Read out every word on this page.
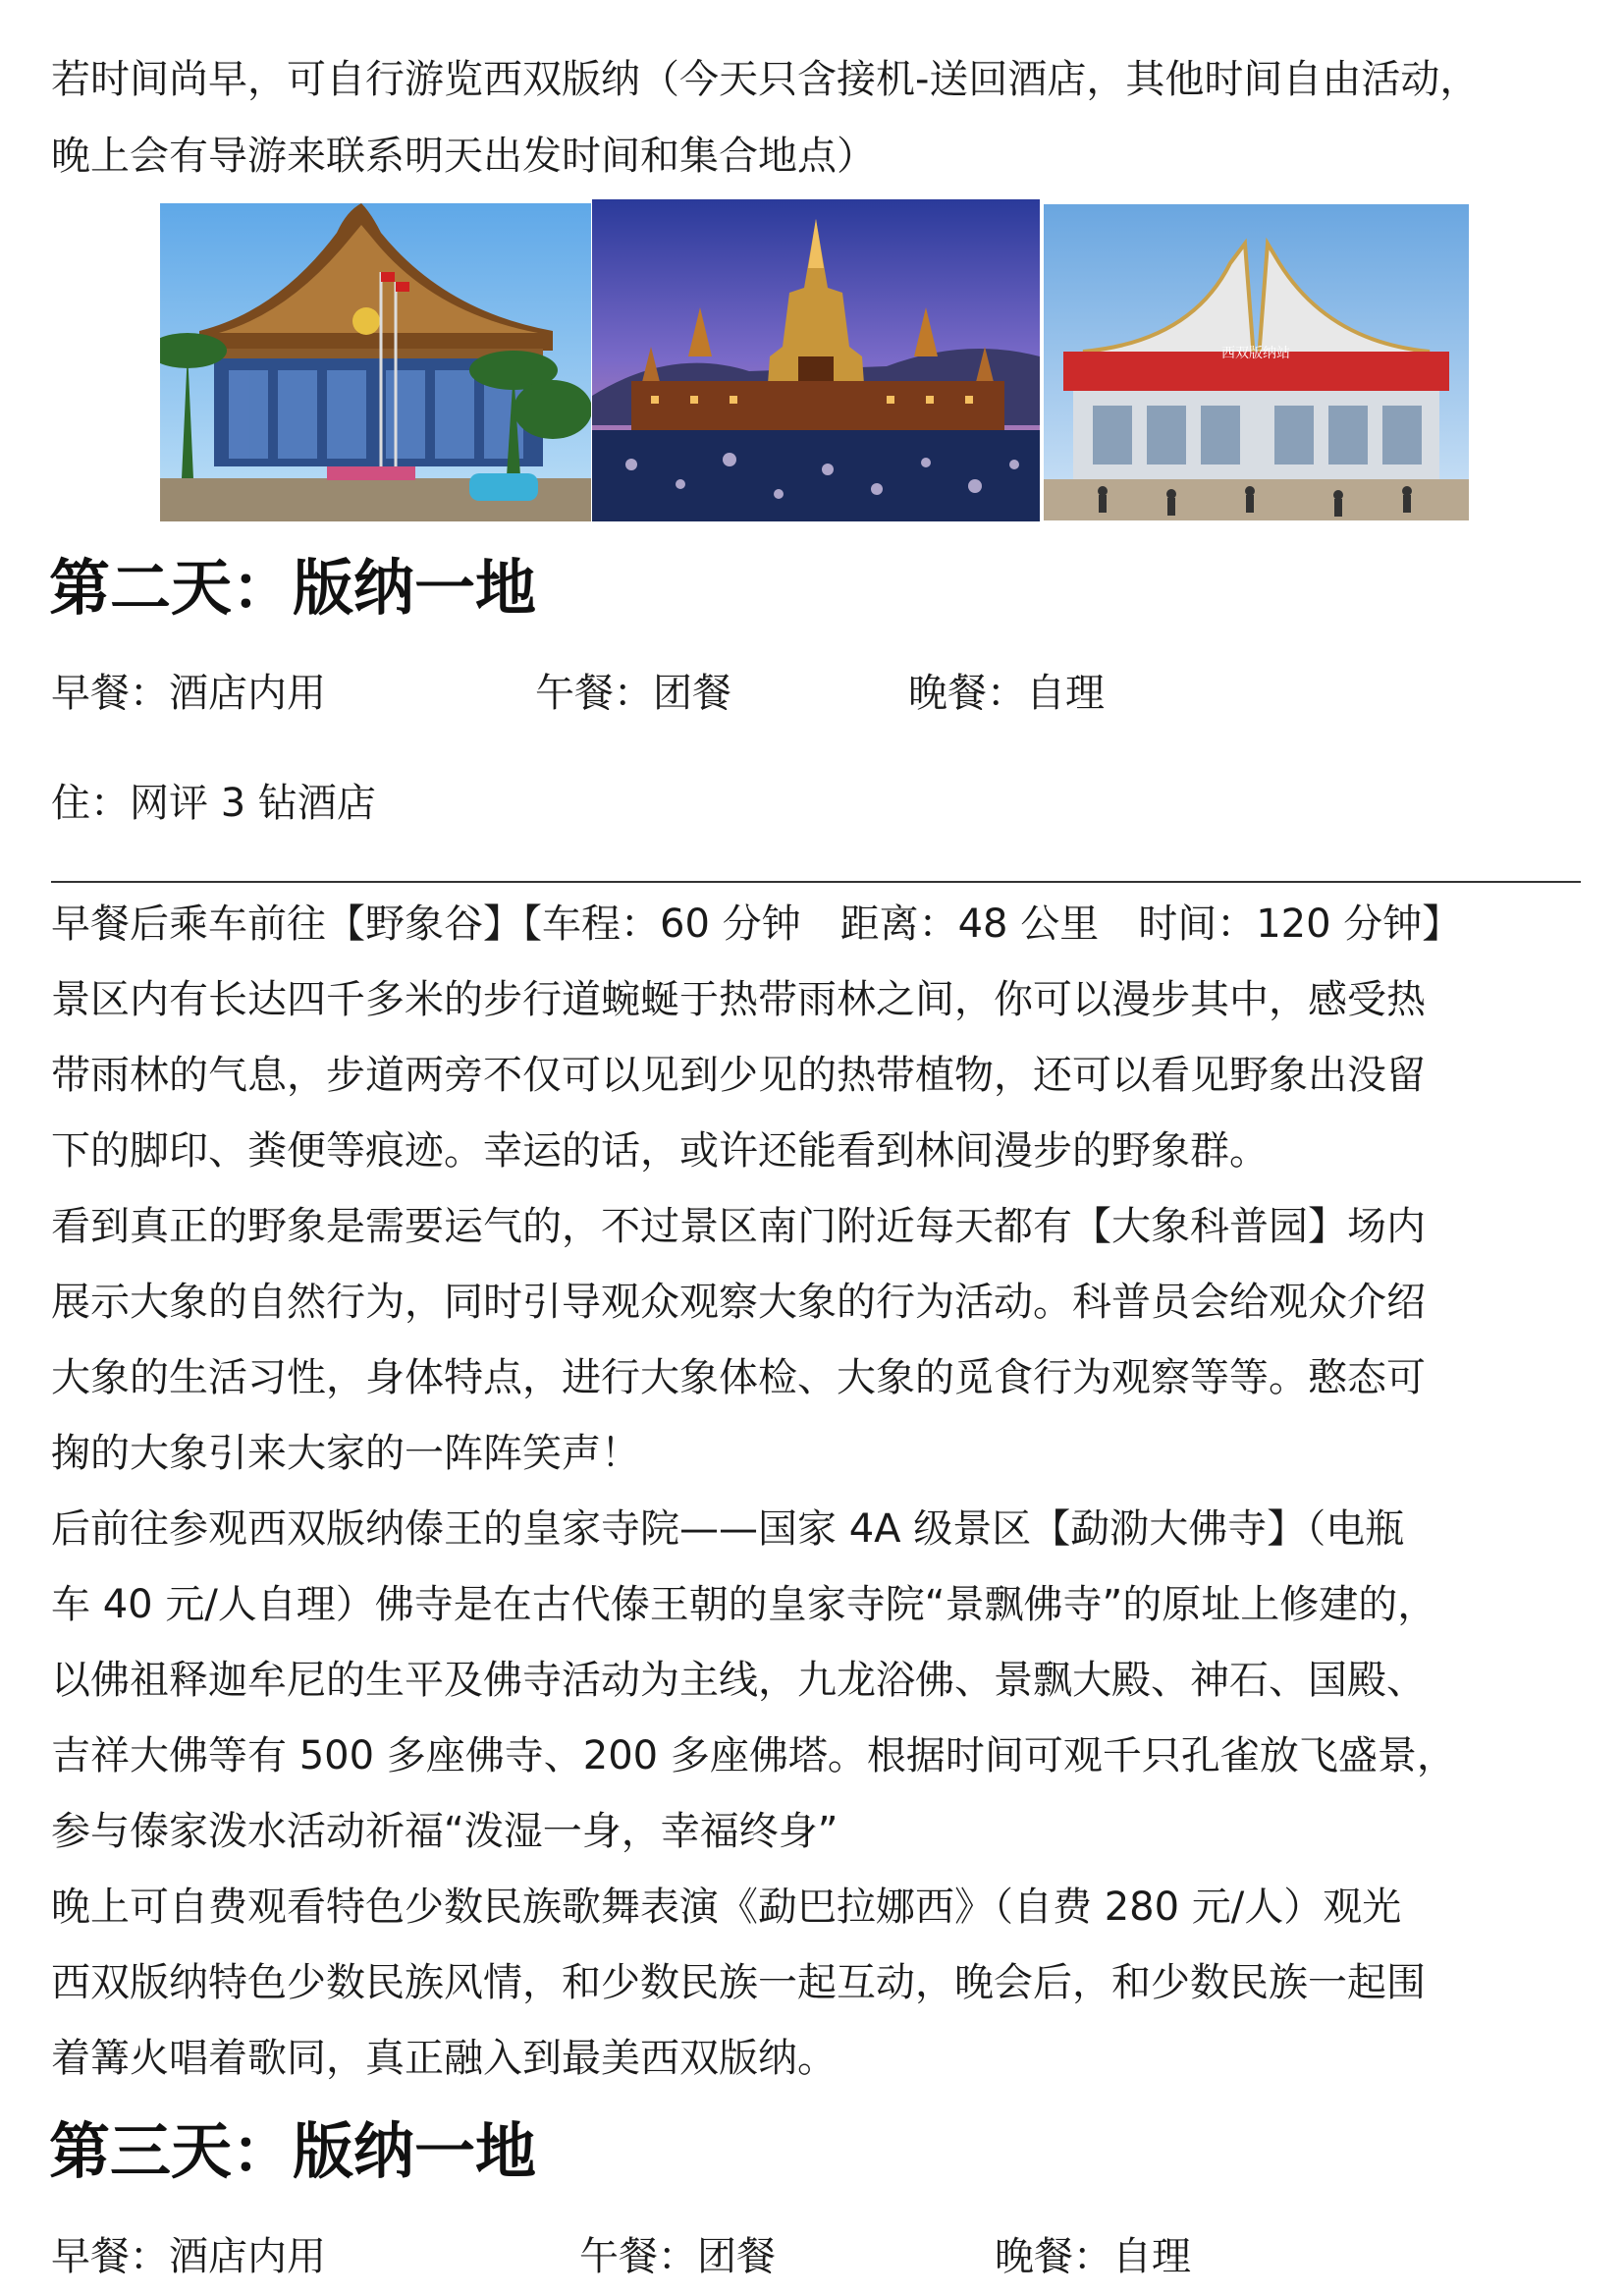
若时间尚早，可自行游览西双版纳（今天只含接机-送回酒店，其他时间自由活动，
晚上会有导游来联系明天出发时间和集合地点）
西双版纳站
第二天：版纳一地
早餐：酒店内用	午餐：团餐	晚餐：自理
住：网评 3 钻酒店
早餐后乘车前往【野象谷】【车程：60 分钟　距离：48 公里　时间：120 分钟】
景区内有长达四千多米的步行道蜿蜒于热带雨林之间，你可以漫步其中，感受热
带雨林的气息，步道两旁不仅可以见到少见的热带植物，还可以看见野象出没留
下的脚印、粪便等痕迹。幸运的话，或许还能看到林间漫步的野象群。
看到真正的野象是需要运气的，不过景区南门附近每天都有【大象科普园】场内
展示大象的自然行为，同时引导观众观察大象的行为活动。科普员会给观众介绍
大象的生活习性，身体特点，进行大象体检、大象的觅食行为观察等等。憨态可
掬的大象引来大家的一阵阵笑声！
后前往参观西双版纳傣王的皇家寺院——国家 4A 级景区【勐泐大佛寺】（电瓶
车 40 元/人自理）佛寺是在古代傣王朝的皇家寺院“景飘佛寺”的原址上修建的，
以佛祖释迦牟尼的生平及佛寺活动为主线，九龙浴佛、景飘大殿、神石、国殿、
吉祥大佛等有 500 多座佛寺、200 多座佛塔。根据时间可观千只孔雀放飞盛景，
参与傣家泼水活动祈福“泼湿一身，幸福终身”
晚上可自费观看特色少数民族歌舞表演《勐巴拉娜西》（自费 280 元/人）观光
西双版纳特色少数民族风情，和少数民族一起互动，晚会后，和少数民族一起围
着篝火唱着歌同，真正融入到最美西双版纳。
第三天：版纳一地
早餐：酒店内用	午餐：团餐	晚餐：自理
